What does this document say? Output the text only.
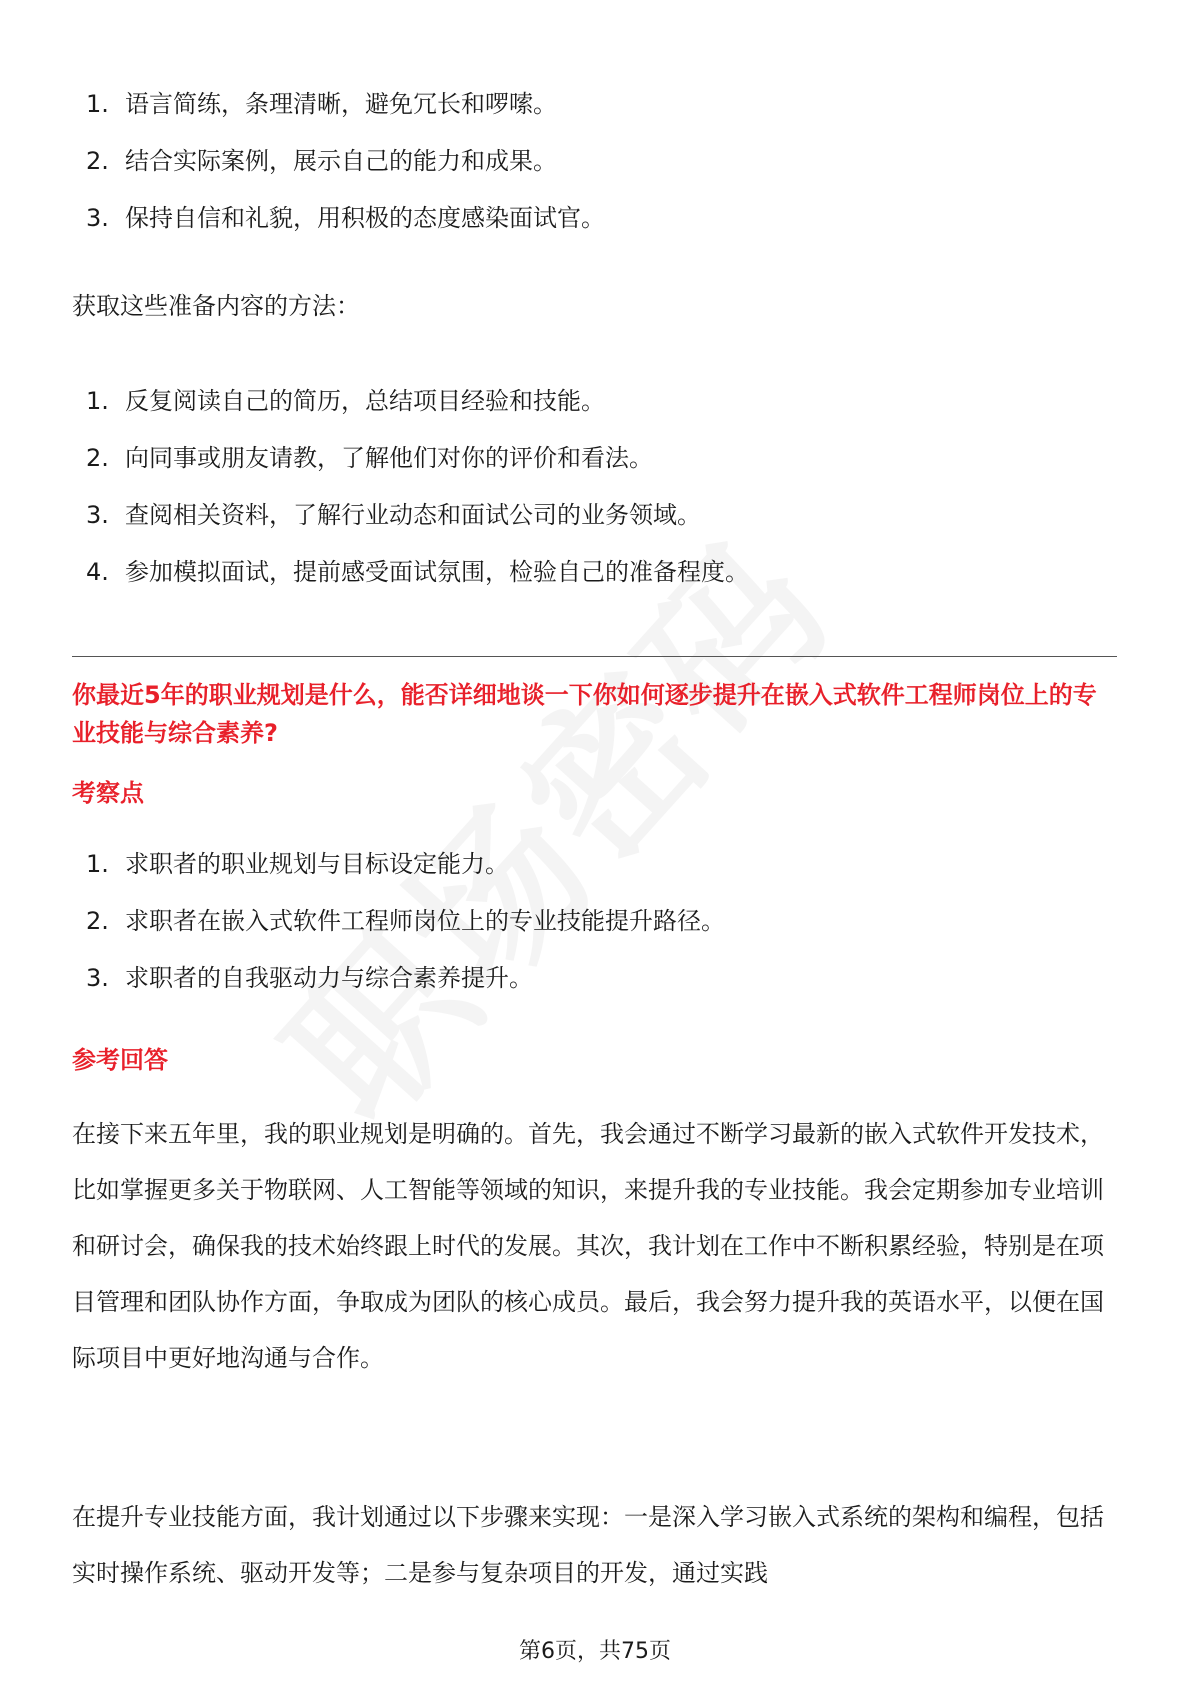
1. 语言简练，条理清晰，避免冗长和啰嗦。
2. 结合实际案例，展示自己的能力和成果。
3. 保持自信和礼貌，用积极的态度感染面试官。

获取这些准备内容的方法：

1. 反复阅读自己的简历，总结项目经验和技能。
2. 向同事或朋友请教，了解他们对你的评价和看法。
3. 查阅相关资料，了解行业动态和面试公司的业务领域。
4. 参加模拟面试，提前感受面试氛围，检验自己的准备程度。

你最近5年的职业规划是什么，能否详细地谈一下你如何逐步提升在嵌入式软件工程师岗位上的专业技能与综合素养?

考察点

1. 求职者的职业规划与目标设定能力。
2. 求职者在嵌入式软件工程师岗位上的专业技能提升路径。
3. 求职者的自我驱动力与综合素养提升。

参考回答

在接下来五年里，我的职业规划是明确的。首先，我会通过不断学习最新的嵌入式软件开发技术，比如掌握更多关于物联网、人工智能等领域的知识，来提升我的专业技能。我会定期参加专业培训和研讨会，确保我的技术始终跟上时代的发展。其次，我计划在工作中不断积累经验，特别是在项目管理和团队协作方面，争取成为团队的核心成员。最后，我会努力提升我的英语水平，以便在国际项目中更好地沟通与合作。

在提升专业技能方面，我计划通过以下步骤来实现：一是深入学习嵌入式系统的架构和编程，包括实时操作系统、驱动开发等；二是参与复杂项目的开发，通过实践

第6页，共75页
